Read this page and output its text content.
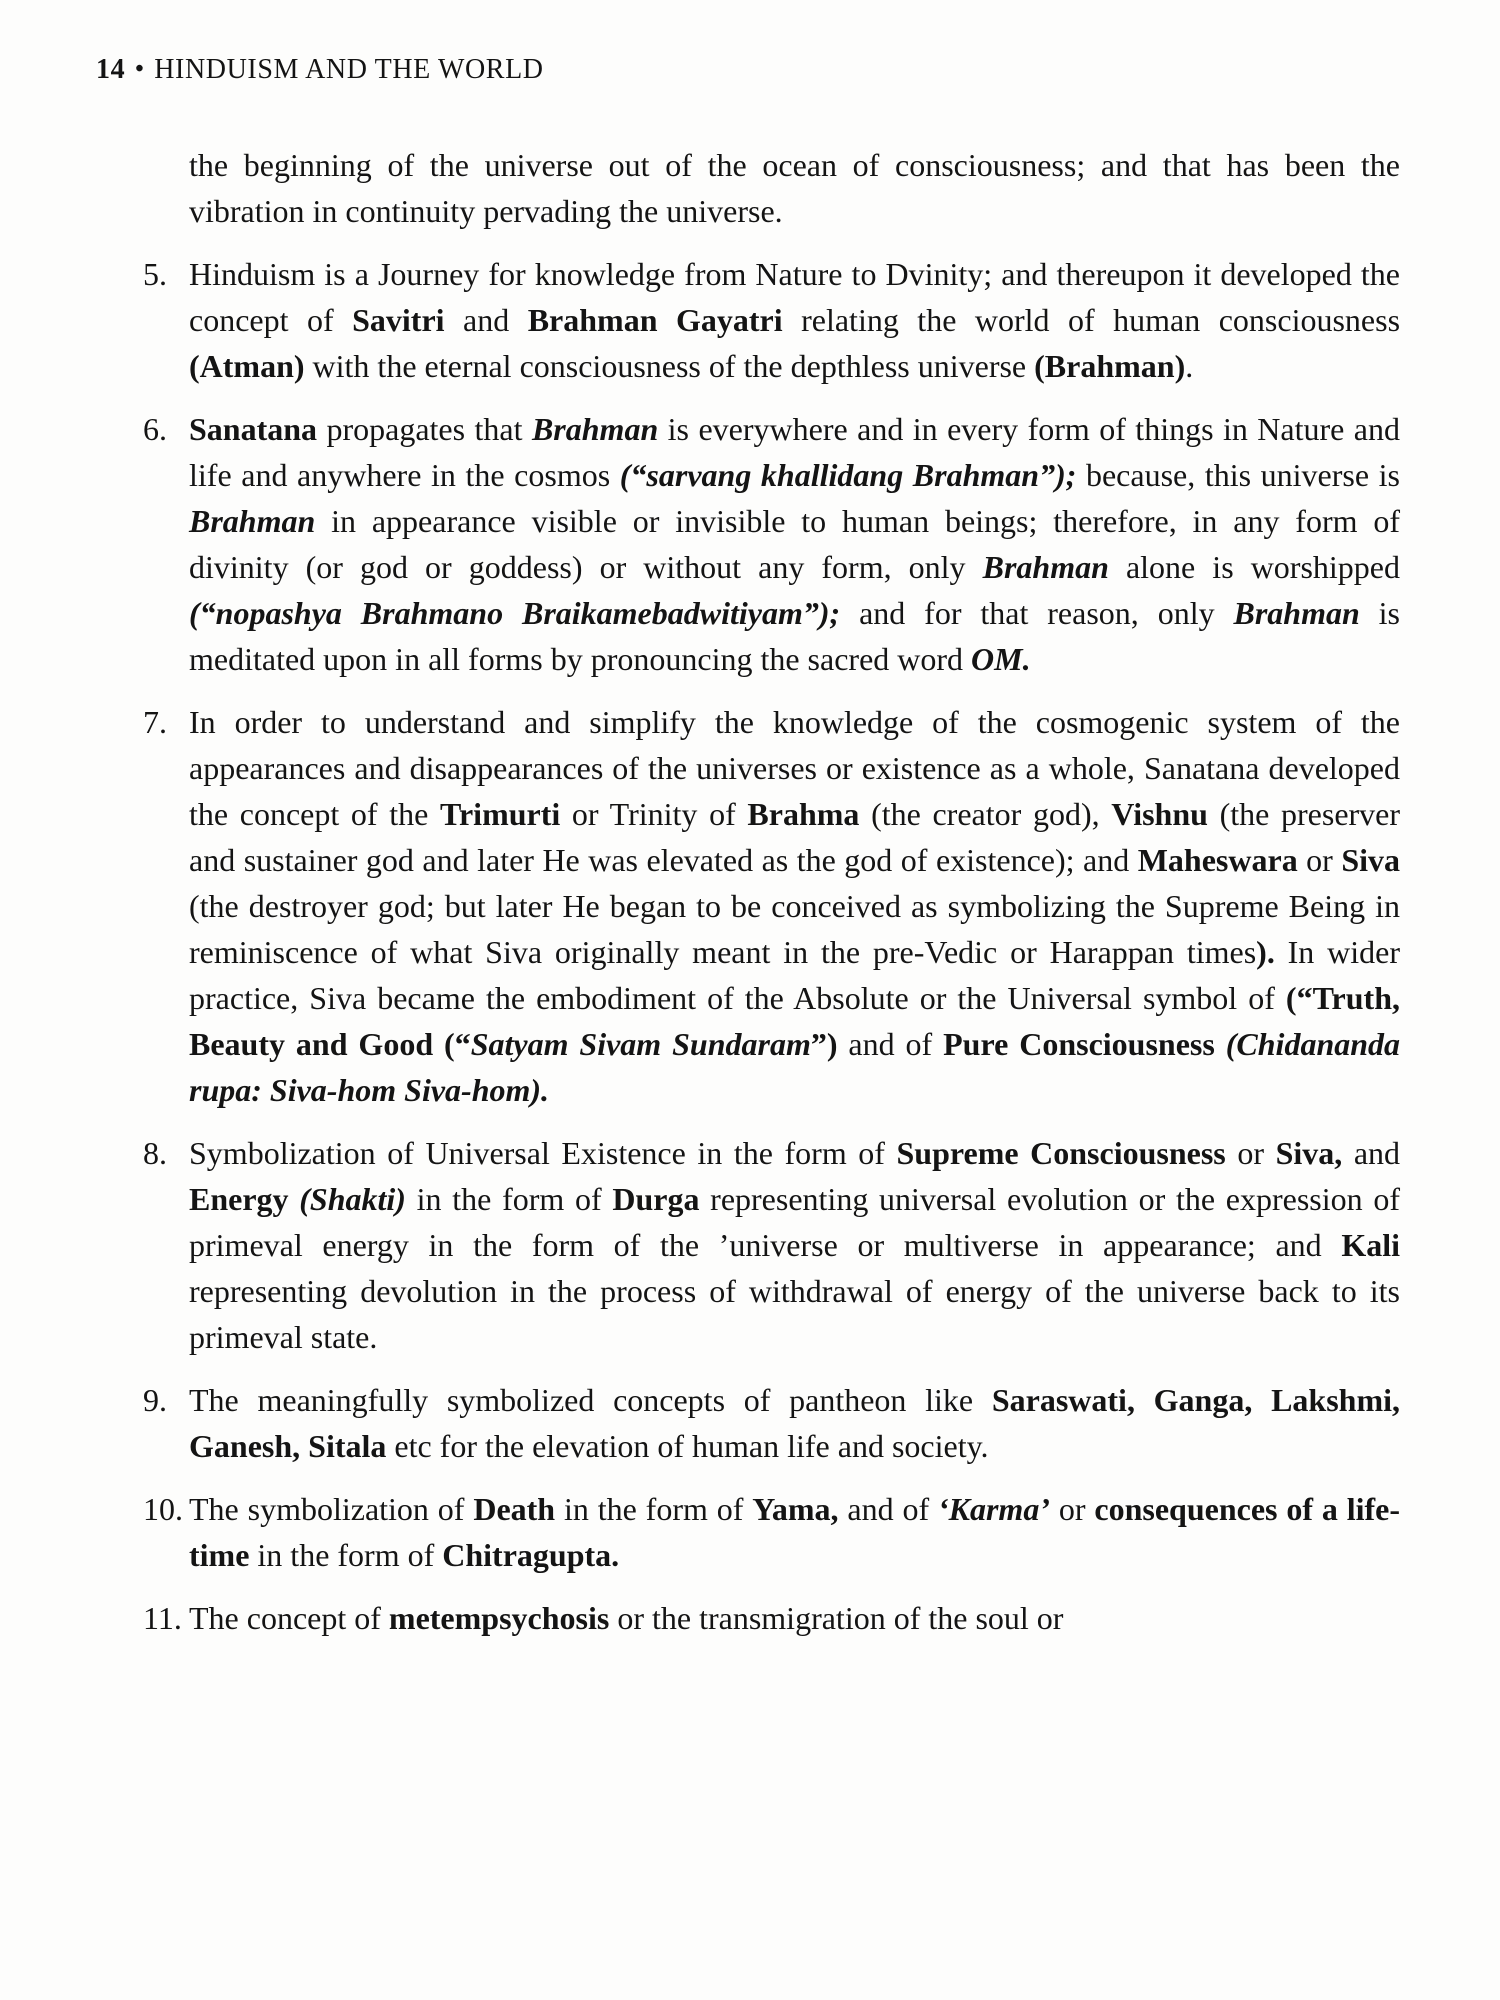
14 • HINDUISM AND THE WORLD

the beginning of the universe out of the ocean of consciousness; and that has been the vibration in continuity pervading the universe.

5. Hinduism is a Journey for knowledge from Nature to Dvinity; and thereupon it developed the concept of Savitri and Brahman Gayatri relating the world of human consciousness (Atman) with the eternal consciousness of the depthless universe (Brahman).
6. Sanatana propagates that Brahman is everywhere and in every form of things in Nature and life and anywhere in the cosmos (“sarvang khallidang Brahman”); because, this universe is Brahman in appearance visible or invisible to human beings; therefore, in any form of divinity (or god or goddess) or without any form, only Brahman alone is worshipped (“nopashya Brahmano Braikamebadwitiyam”); and for that reason, only Brahman is meditated upon in all forms by pronouncing the sacred word OM.
7. In order to understand and simplify the knowledge of the cosmogenic system of the appearances and disappearances of the universes or existence as a whole, Sanatana developed the concept of the Trimurti or Trinity of Brahma (the creator god), Vishnu (the preserver and sustainer god and later He was elevated as the god of existence); and Maheswara or Siva (the destroyer god; but later He began to be conceived as symbolizing the Supreme Being in reminiscence of what Siva originally meant in the pre-Vedic or Harappan times). In wider practice, Siva became the embodiment of the Absolute or the Universal symbol of (“Truth, Beauty and Good (“Satyam Sivam Sundaram”) and of Pure Consciousness (Chidananda rupa: Siva-hom Siva-hom).
8. Symbolization of Universal Existence in the form of Supreme Consciousness or Siva, and Energy (Shakti) in the form of Durga representing universal evolution or the expression of primeval energy in the form of the ʼuniverse or multiverse in appearance; and Kali representing devolution in the process of withdrawal of energy of the universe back to its primeval state.
9. The meaningfully symbolized concepts of pantheon like Saraswati, Ganga, Lakshmi, Ganesh, Sitala etc for the elevation of human life and society.
10. The symbolization of Death in the form of Yama, and of ‘Karma’ or consequences of a life-time in the form of Chitragupta.
11. The concept of metempsychosis or the transmigration of the soul or
